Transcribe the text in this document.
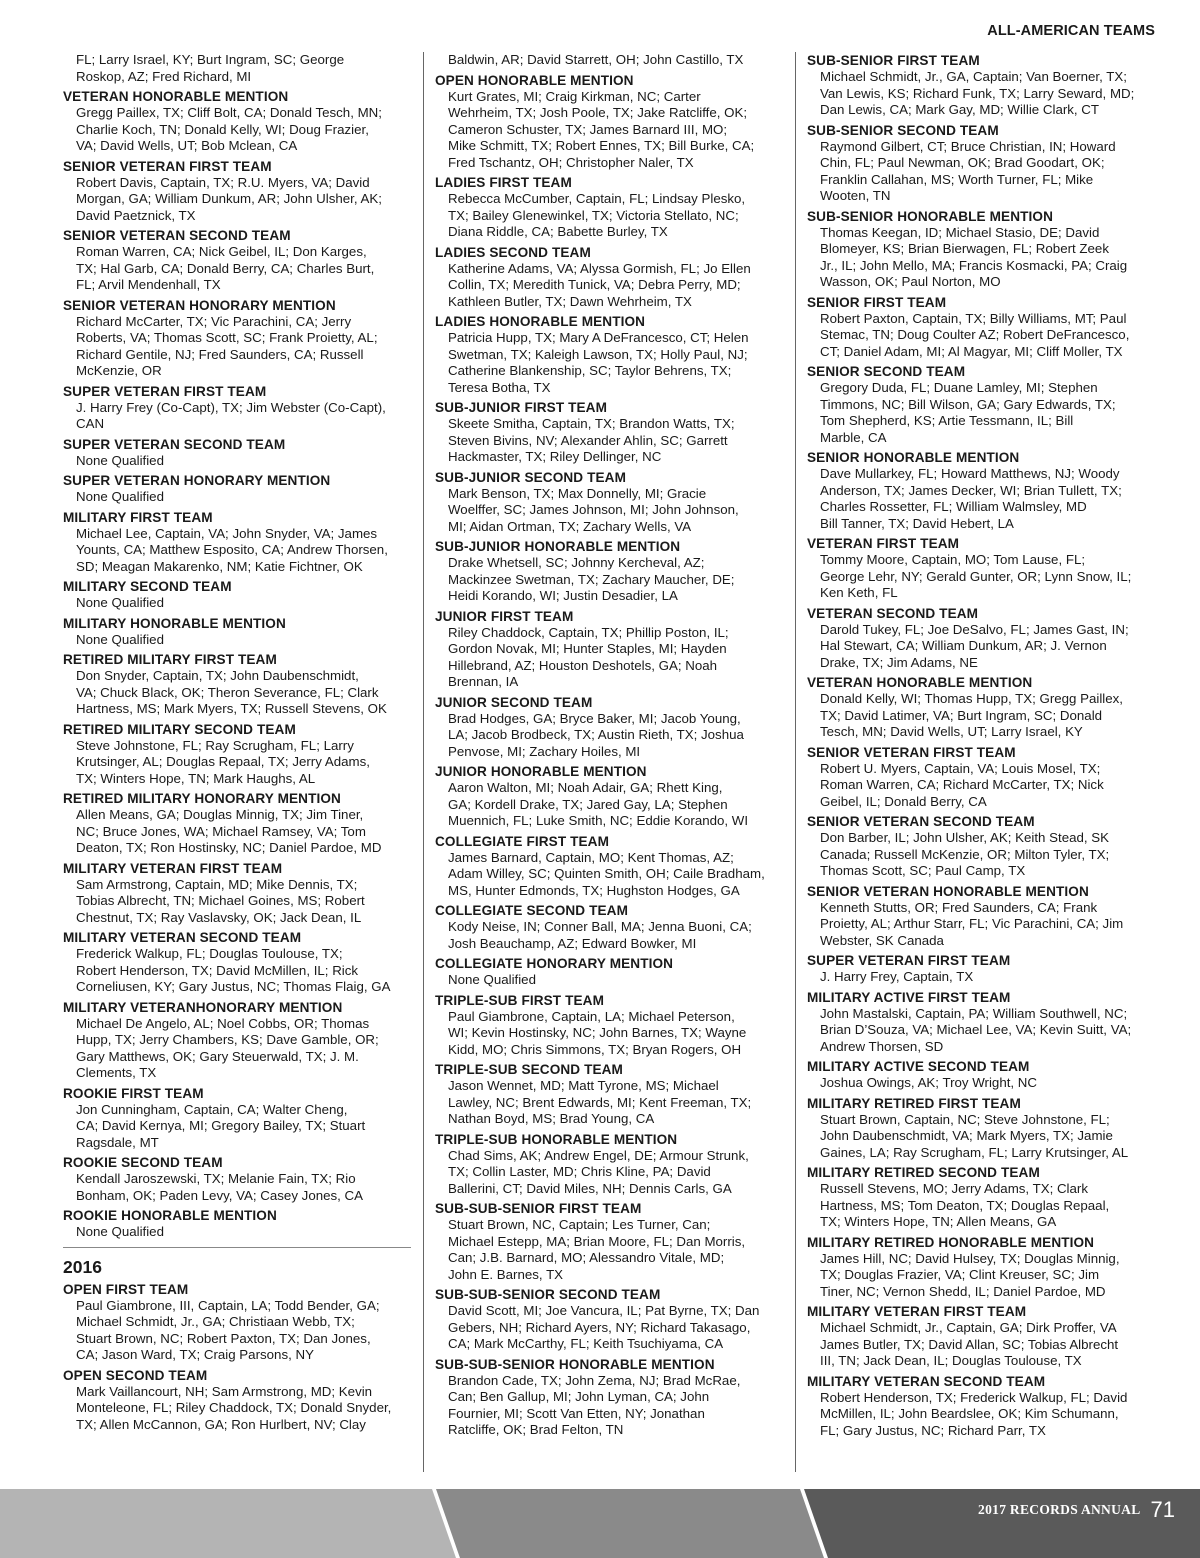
ALL-AMERICAN TEAMS
FL; Larry Israel, KY; Burt Ingram, SC; George
Roskop, AZ; Fred Richard, MI
VETERAN HONORABLE MENTION
Gregg Paillex, TX; Cliff Bolt, CA; Donald Tesch, MN;
Charlie Koch, TN; Donald Kelly, WI; Doug Frazier,
VA; David Wells, UT; Bob Mclean, CA
SENIOR VETERAN FIRST TEAM
Robert Davis, Captain, TX; R.U. Myers, VA; David
Morgan, GA; William Dunkum, AR; John Ulsher, AK;
David Paetznick, TX
SENIOR VETERAN SECOND TEAM
Roman Warren, CA; Nick Geibel, IL; Don Karges,
TX; Hal Garb, CA; Donald Berry, CA; Charles Burt,
FL; Arvil Mendenhall, TX
SENIOR VETERAN HONORARY MENTION
Richard McCarter, TX; Vic Parachini, CA; Jerry
Roberts, VA; Thomas Scott, SC; Frank Proietty, AL;
Richard Gentile, NJ; Fred Saunders, CA; Russell
McKenzie, OR
SUPER VETERAN FIRST TEAM
J. Harry Frey (Co-Capt), TX; Jim Webster (Co-Capt),
CAN
SUPER VETERAN SECOND TEAM
None Qualified
SUPER VETERAN HONORARY MENTION
None Qualified
MILITARY FIRST TEAM
Michael Lee, Captain, VA; John Snyder, VA; James
Younts, CA; Matthew Esposito, CA; Andrew Thorsen,
SD; Meagan Makarenko, NM; Katie Fichtner, OK
MILITARY SECOND TEAM
None Qualified
MILITARY HONORABLE MENTION
None Qualified
RETIRED MILITARY FIRST TEAM
Don Snyder, Captain, TX; John Daubenschmidt,
VA; Chuck Black, OK; Theron Severance, FL; Clark
Hartness, MS; Mark Myers, TX; Russell Stevens, OK
RETIRED MILITARY SECOND TEAM
Steve Johnstone, FL; Ray Scrugham, FL; Larry
Krutsinger, AL; Douglas Repaal, TX; Jerry Adams,
TX; Winters Hope, TN; Mark Haughs, AL
RETIRED MILITARY HONORARY MENTION
Allen Means, GA; Douglas Minnig, TX; Jim Tiner,
NC; Bruce Jones, WA; Michael Ramsey, VA; Tom
Deaton, TX; Ron Hostinsky, NC; Daniel Pardoe, MD
MILITARY VETERAN FIRST TEAM
Sam Armstrong, Captain, MD; Mike Dennis, TX;
Tobias Albrecht, TN; Michael Goines, MS; Robert
Chestnut, TX; Ray Vaslavsky, OK; Jack Dean, IL
MILITARY VETERAN SECOND TEAM
Frederick Walkup, FL; Douglas Toulouse, TX;
Robert Henderson, TX; David McMillen, IL; Rick
Corneliusen, KY; Gary Justus, NC; Thomas Flaig, GA
MILITARY VETERANHONORARY MENTION
Michael De Angelo, AL; Noel Cobbs, OR; Thomas
Hupp, TX; Jerry Chambers, KS; Dave Gamble, OR;
Gary Matthews, OK; Gary Steuerwald, TX; J. M.
Clements, TX
ROOKIE FIRST TEAM
Jon Cunningham, Captain, CA; Walter Cheng,
CA; David Kernya, MI; Gregory Bailey, TX; Stuart
Ragsdale, MT
ROOKIE SECOND TEAM
Kendall Jaroszewski, TX; Melanie Fain, TX; Rio
Bonham, OK; Paden Levy, VA; Casey Jones, CA
ROOKIE HONORABLE MENTION
None Qualified
2016
OPEN FIRST TEAM
Paul Giambrone, III, Captain, LA; Todd Bender, GA;
Michael Schmidt, Jr., GA; Christiaan Webb, TX;
Stuart Brown, NC; Robert Paxton, TX; Dan Jones,
CA; Jason Ward, TX; Craig Parsons, NY
OPEN SECOND TEAM
Mark Vaillancourt, NH; Sam Armstrong, MD; Kevin
Monteleone, FL; Riley Chaddock, TX; Donald Snyder,
TX; Allen McCannon, GA; Ron Hurlbert, NV; Clay
Baldwin, AR; David Starrett, OH; John Castillo, TX
OPEN HONORABLE MENTION
Kurt Grates, MI; Craig Kirkman, NC; Carter
Wehrheim, TX; Josh Poole, TX; Jake Ratcliffe, OK;
Cameron Schuster, TX; James Barnard III, MO;
Mike Schmitt, TX; Robert Ennes, TX; Bill Burke, CA;
Fred Tschantz, OH; Christopher Naler, TX
LADIES FIRST TEAM
Rebecca McCumber, Captain, FL; Lindsay Plesko,
TX; Bailey Glenewinkel, TX; Victoria Stellato, NC;
Diana Riddle, CA; Babette Burley, TX
LADIES SECOND TEAM
Katherine Adams, VA; Alyssa Gormish, FL; Jo Ellen
Collin, TX; Meredith Tunick, VA; Debra Perry, MD;
Kathleen Butler, TX; Dawn Wehrheim, TX
LADIES HONORABLE MENTION
Patricia Hupp, TX; Mary A DeFrancesco, CT; Helen
Swetman, TX; Kaleigh Lawson, TX; Holly Paul, NJ;
Catherine Blankenship, SC; Taylor Behrens, TX;
Teresa Botha, TX
SUB-JUNIOR FIRST TEAM
Skeete Smitha, Captain, TX; Brandon Watts, TX;
Steven Bivins, NV; Alexander Ahlin, SC; Garrett
Hackmaster, TX; Riley Dellinger, NC
SUB-JUNIOR SECOND TEAM
Mark Benson, TX; Max Donnelly, MI; Gracie
Woelffer, SC; James Johnson, MI; John Johnson,
MI; Aidan Ortman, TX; Zachary Wells, VA
SUB-JUNIOR HONORABLE MENTION
Drake Whetsell, SC; Johnny Kercheval, AZ;
Mackinzee Swetman, TX; Zachary Maucher, DE;
Heidi Korando, WI; Justin Desadier, LA
JUNIOR FIRST TEAM
Riley Chaddock, Captain, TX; Phillip Poston, IL;
Gordon Novak, MI; Hunter Staples, MI; Hayden
Hillebrand, AZ; Houston Deshotels, GA; Noah
Brennan, IA
JUNIOR SECOND TEAM
Brad Hodges, GA; Bryce Baker, MI; Jacob Young,
LA; Jacob Brodbeck, TX; Austin Rieth, TX; Joshua
Penvose, MI; Zachary Hoiles, MI
JUNIOR HONORABLE MENTION
Aaron Walton, MI; Noah Adair, GA; Rhett King,
GA; Kordell Drake, TX; Jared Gay, LA; Stephen
Muennich, FL; Luke Smith, NC; Eddie Korando, WI
COLLEGIATE FIRST TEAM
James Barnard, Captain, MO; Kent Thomas, AZ;
Adam Willey, SC; Quinten Smith, OH; Caile Bradham,
MS, Hunter Edmonds, TX; Hughston Hodges, GA
COLLEGIATE SECOND TEAM
Kody Neise, IN; Conner Ball, MA; Jenna Buoni, CA;
Josh Beauchamp, AZ; Edward Bowker, MI
COLLEGIATE HONORARY MENTION
None Qualified
TRIPLE-SUB FIRST TEAM
Paul Giambrone, Captain, LA; Michael Peterson,
WI; Kevin Hostinsky, NC; John Barnes, TX; Wayne
Kidd, MO; Chris Simmons, TX; Bryan Rogers, OH
TRIPLE-SUB SECOND TEAM
Jason Wennet, MD; Matt Tyrone, MS; Michael
Lawley, NC; Brent Edwards, MI; Kent Freeman, TX;
Nathan Boyd, MS; Brad Young, CA
TRIPLE-SUB HONORABLE MENTION
Chad Sims, AK; Andrew Engel, DE; Armour Strunk,
TX; Collin Laster, MD; Chris Kline, PA; David
Ballerini, CT; David Miles, NH; Dennis Carls, GA
SUB-SUB-SENIOR FIRST TEAM
Stuart Brown, NC, Captain; Les Turner, Can;
Michael Estepp, MA; Brian Moore, FL; Dan Morris,
Can; J.B. Barnard, MO; Alessandro Vitale, MD;
John E. Barnes, TX
SUB-SUB-SENIOR SECOND TEAM
David Scott, MI; Joe Vancura, IL; Pat Byrne, TX; Dan
Gebers, NH; Richard Ayers, NY; Richard Takasago,
CA; Mark McCarthy, FL; Keith Tsuchiyama, CA
SUB-SUB-SENIOR HONORABLE MENTION
Brandon Cade, TX; John Zema, NJ; Brad McRae,
Can; Ben Gallup, MI; John Lyman, CA; John
Fournier, MI; Scott Van Etten, NY; Jonathan
Ratcliffe, OK; Brad Felton, TN
SUB-SENIOR FIRST TEAM
Michael Schmidt, Jr., GA, Captain; Van Boerner, TX;
Van Lewis, KS; Richard Funk, TX; Larry Seward, MD;
Dan Lewis, CA; Mark Gay, MD; Willie Clark, CT
SUB-SENIOR SECOND TEAM
Raymond Gilbert, CT; Bruce Christian, IN; Howard
Chin, FL; Paul Newman, OK; Brad Goodart, OK;
Franklin Callahan, MS; Worth Turner, FL; Mike
Wooten, TN
SUB-SENIOR HONORABLE MENTION
Thomas Keegan, ID; Michael Stasio, DE; David
Blomeyer, KS; Brian Bierwagen, FL; Robert Zeek
Jr., IL; John Mello, MA; Francis Kosmacki, PA; Craig
Wasson, OK; Paul Norton, MO
SENIOR FIRST TEAM
Robert Paxton, Captain, TX; Billy Williams, MT; Paul
Stemac, TN; Doug Coulter AZ; Robert DeFrancesco,
CT; Daniel Adam, MI; Al Magyar, MI; Cliff Moller, TX
SENIOR SECOND TEAM
Gregory Duda, FL; Duane Lamley, MI; Stephen
Timmons, NC; Bill Wilson, GA; Gary Edwards, TX;
Tom Shepherd, KS; Artie Tessmann, IL; Bill
Marble, CA
SENIOR HONORABLE MENTION
Dave Mullarkey, FL; Howard Matthews, NJ; Woody
Anderson, TX; James Decker, WI; Brian Tullett, TX;
Charles Rossetter, FL; William Walmsley, MD
Bill Tanner, TX; David Hebert, LA
VETERAN FIRST TEAM
Tommy Moore, Captain, MO; Tom Lause, FL;
George Lehr, NY; Gerald Gunter, OR; Lynn Snow, IL;
Ken Keth, FL
VETERAN SECOND TEAM
Darold Tukey, FL; Joe DeSalvo, FL; James Gast, IN;
Hal Stewart, CA; William Dunkum, AR; J. Vernon
Drake, TX; Jim Adams, NE
VETERAN HONORABLE MENTION
Donald Kelly, WI; Thomas Hupp, TX; Gregg Paillex,
TX; David Latimer, VA; Burt Ingram, SC; Donald
Tesch, MN; David Wells, UT; Larry Israel, KY
SENIOR VETERAN FIRST TEAM
Robert U. Myers, Captain, VA; Louis Mosel, TX;
Roman Warren, CA; Richard McCarter, TX; Nick
Geibel, IL; Donald Berry, CA
SENIOR VETERAN SECOND TEAM
Don Barber, IL; John Ulsher, AK; Keith Stead, SK
Canada; Russell McKenzie, OR; Milton Tyler, TX;
Thomas Scott, SC; Paul Camp, TX
SENIOR VETERAN HONORABLE MENTION
Kenneth Stutts, OR; Fred Saunders, CA; Frank
Proietty, AL; Arthur Starr, FL; Vic Parachini, CA; Jim
Webster, SK Canada
SUPER VETERAN FIRST TEAM
J. Harry Frey, Captain, TX
MILITARY ACTIVE FIRST TEAM
John Mastalski, Captain, PA; William Southwell, NC;
Brian D’Souza, VA; Michael Lee, VA; Kevin Suitt, VA;
Andrew Thorsen, SD
MILITARY ACTIVE SECOND TEAM
Joshua Owings, AK; Troy Wright, NC
MILITARY RETIRED FIRST TEAM
Stuart Brown, Captain, NC; Steve Johnstone, FL;
John Daubenschmidt, VA; Mark Myers, TX; Jamie
Gaines, LA; Ray Scrugham, FL; Larry Krutsinger, AL
MILITARY RETIRED SECOND TEAM
Russell Stevens, MO; Jerry Adams, TX; Clark
Hartness, MS; Tom Deaton, TX; Douglas Repaal,
TX; Winters Hope, TN; Allen Means, GA
MILITARY RETIRED HONORABLE MENTION
James Hill, NC; David Hulsey, TX; Douglas Minnig,
TX; Douglas Frazier, VA; Clint Kreuser, SC; Jim
Tiner, NC; Vernon Shedd, IL; Daniel Pardoe, MD
MILITARY VETERAN FIRST TEAM
Michael Schmidt, Jr., Captain, GA; Dirk Proffer, VA
James Butler, TX; David Allan, SC; Tobias Albrecht
III, TN; Jack Dean, IL; Douglas Toulouse, TX
MILITARY VETERAN SECOND TEAM
Robert Henderson, TX; Frederick Walkup, FL; David
McMillen, IL; John Beardslee, OK; Kim Schumann,
FL; Gary Justus, NC; Richard Parr, TX
2017 RECORDS ANNUAL 71
